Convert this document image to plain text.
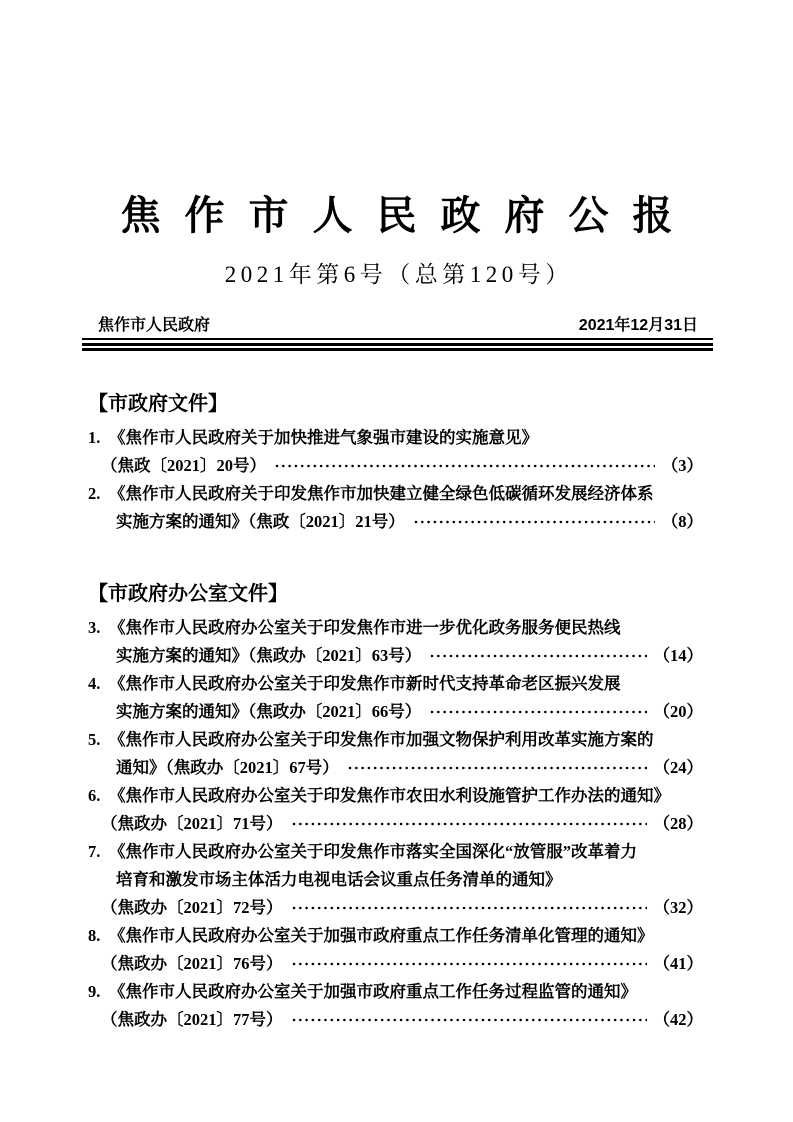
焦作市人民政府公报
2021年第6号（总第120号）
焦作市人民政府	2021年12月31日
【市政府文件】
1. 《焦作市人民政府关于加快推进气象强市建设的实施意见》
（焦政〔2021〕20号）	（3）
2. 《焦作市人民政府关于印发焦作市加快建立健全绿色低碳循环发展经济体系
实施方案的通知》（焦政〔2021〕21号）	（8）
【市政府办公室文件】
3. 《焦作市人民政府办公室关于印发焦作市进一步优化政务服务便民热线
实施方案的通知》（焦政办〔2021〕63号）	（14）
4. 《焦作市人民政府办公室关于印发焦作市新时代支持革命老区振兴发展
实施方案的通知》（焦政办〔2021〕66号）	（20）
5. 《焦作市人民政府办公室关于印发焦作市加强文物保护利用改革实施方案的
通知》（焦政办〔2021〕67号）	（24）
6. 《焦作市人民政府办公室关于印发焦作市农田水利设施管护工作办法的通知》
（焦政办〔2021〕71号）	（28）
7. 《焦作市人民政府办公室关于印发焦作市落实全国深化“放管服”改革着力
培育和激发市场主体活力电视电话会议重点任务清单的通知》
（焦政办〔2021〕72号）	（32）
8. 《焦作市人民政府办公室关于加强市政府重点工作任务清单化管理的通知》
（焦政办〔2021〕76号）	（41）
9. 《焦作市人民政府办公室关于加强市政府重点工作任务过程监管的通知》
（焦政办〔2021〕77号）	（42）
